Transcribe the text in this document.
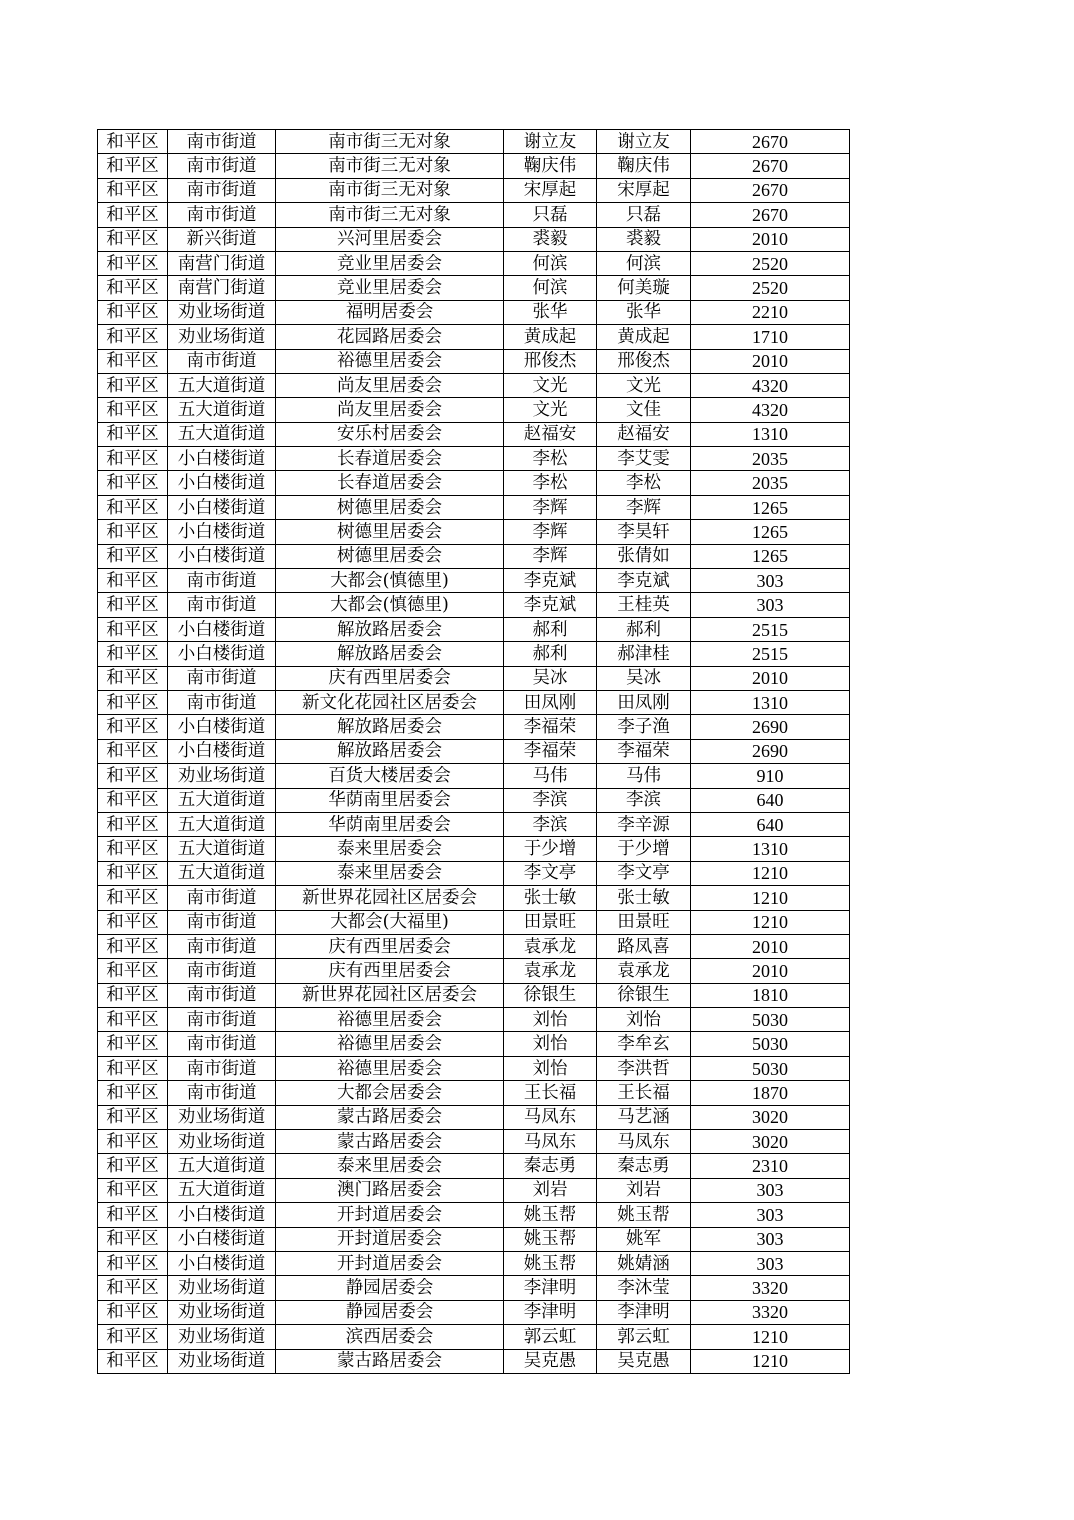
和平区	南市街道	南市街三无对象	谢立友	谢立友	2670
和平区	南市街道	南市街三无对象	鞠庆伟	鞠庆伟	2670
和平区	南市街道	南市街三无对象	宋厚起	宋厚起	2670
和平区	南市街道	南市街三无对象	只磊	只磊	2670
和平区	新兴街道	兴河里居委会	裘毅	裘毅	2010
和平区	南营门街道	竞业里居委会	何滨	何滨	2520
和平区	南营门街道	竞业里居委会	何滨	何美璇	2520
和平区	劝业场街道	福明居委会	张华	张华	2210
和平区	劝业场街道	花园路居委会	黄成起	黄成起	1710
和平区	南市街道	裕德里居委会	邢俊杰	邢俊杰	2010
和平区	五大道街道	尚友里居委会	文光	文光	4320
和平区	五大道街道	尚友里居委会	文光	文佳	4320
和平区	五大道街道	安乐村居委会	赵福安	赵福安	1310
和平区	小白楼街道	长春道居委会	李松	李艾雯	2035
和平区	小白楼街道	长春道居委会	李松	李松	2035
和平区	小白楼街道	树德里居委会	李辉	李辉	1265
和平区	小白楼街道	树德里居委会	李辉	李昊轩	1265
和平区	小白楼街道	树德里居委会	李辉	张倩如	1265
和平区	南市街道	大都会(慎德里)	李克斌	李克斌	303
和平区	南市街道	大都会(慎德里)	李克斌	王桂英	303
和平区	小白楼街道	解放路居委会	郝利	郝利	2515
和平区	小白楼街道	解放路居委会	郝利	郝津桂	2515
和平区	南市街道	庆有西里居委会	吴冰	吴冰	2010
和平区	南市街道	新文化花园社区居委会	田凤刚	田凤刚	1310
和平区	小白楼街道	解放路居委会	李福荣	李子渔	2690
和平区	小白楼街道	解放路居委会	李福荣	李福荣	2690
和平区	劝业场街道	百货大楼居委会	马伟	马伟	910
和平区	五大道街道	华荫南里居委会	李滨	李滨	640
和平区	五大道街道	华荫南里居委会	李滨	李辛源	640
和平区	五大道街道	泰来里居委会	于少增	于少增	1310
和平区	五大道街道	泰来里居委会	李文亭	李文亭	1210
和平区	南市街道	新世界花园社区居委会	张士敏	张士敏	1210
和平区	南市街道	大都会(大福里)	田景旺	田景旺	1210
和平区	南市街道	庆有西里居委会	袁承龙	路凤喜	2010
和平区	南市街道	庆有西里居委会	袁承龙	袁承龙	2010
和平区	南市街道	新世界花园社区居委会	徐银生	徐银生	1810
和平区	南市街道	裕德里居委会	刘怡	刘怡	5030
和平区	南市街道	裕德里居委会	刘怡	李牟玄	5030
和平区	南市街道	裕德里居委会	刘怡	李洪哲	5030
和平区	南市街道	大都会居委会	王长福	王长福	1870
和平区	劝业场街道	蒙古路居委会	马凤东	马艺涵	3020
和平区	劝业场街道	蒙古路居委会	马凤东	马凤东	3020
和平区	五大道街道	泰来里居委会	秦志勇	秦志勇	2310
和平区	五大道街道	澳门路居委会	刘岩	刘岩	303
和平区	小白楼街道	开封道居委会	姚玉帮	姚玉帮	303
和平区	小白楼街道	开封道居委会	姚玉帮	姚军	303
和平区	小白楼街道	开封道居委会	姚玉帮	姚婧涵	303
和平区	劝业场街道	静园居委会	李津明	李沐莹	3320
和平区	劝业场街道	静园居委会	李津明	李津明	3320
和平区	劝业场街道	滨西居委会	郭云虹	郭云虹	1210
和平区	劝业场街道	蒙古路居委会	吴克愚	吴克愚	1210
